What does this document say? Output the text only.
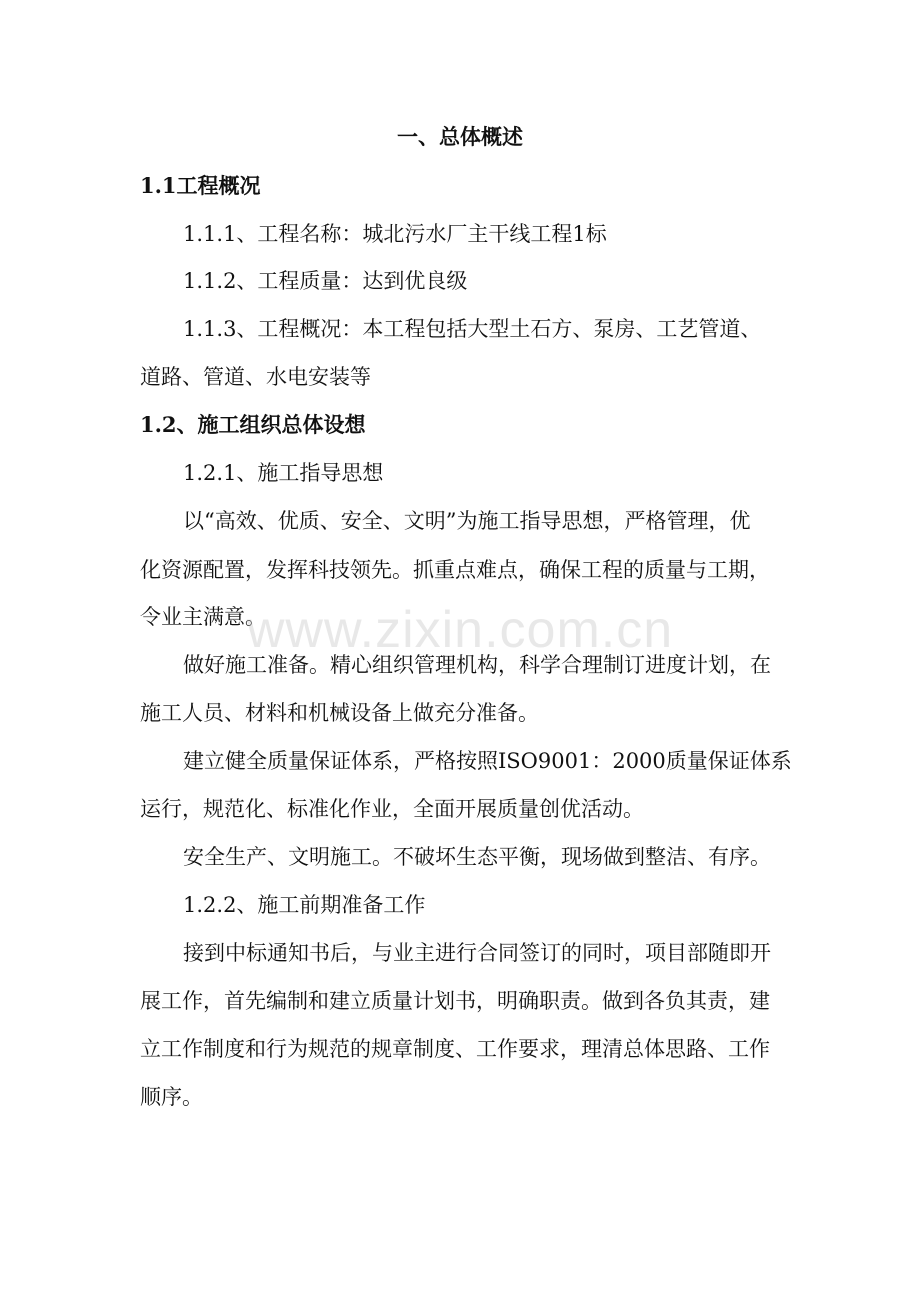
一、总体概述
1.1工程概况
1.1.1、工程名称：城北污水厂主干线工程1标
1.1.2、工程质量：达到优良级
1.1.3、工程概况：本工程包括大型土石方、泵房、工艺管道、
道路、管道、水电安装等
1.2、施工组织总体设想
1.2.1、施工指导思想
以“高效、优质、安全、文明”为施工指导思想，严格管理，优
化资源配置，发挥科技领先。抓重点难点，确保工程的质量与工期，
令业主满意。
做好施工准备。精心组织管理机构，科学合理制订进度计划，在
施工人员、材料和机械设备上做充分准备。
建立健全质量保证体系，严格按照ISO9001：2000质量保证体系
运行，规范化、标准化作业，全面开展质量创优活动。
安全生产、文明施工。不破坏生态平衡，现场做到整洁、有序。
1.2.2、施工前期准备工作
接到中标通知书后，与业主进行合同签订的同时，项目部随即开
展工作，首先编制和建立质量计划书，明确职责。做到各负其责，建
立工作制度和行为规范的规章制度、工作要求，理清总体思路、工作
顺序。
www.zixin.com.cn
